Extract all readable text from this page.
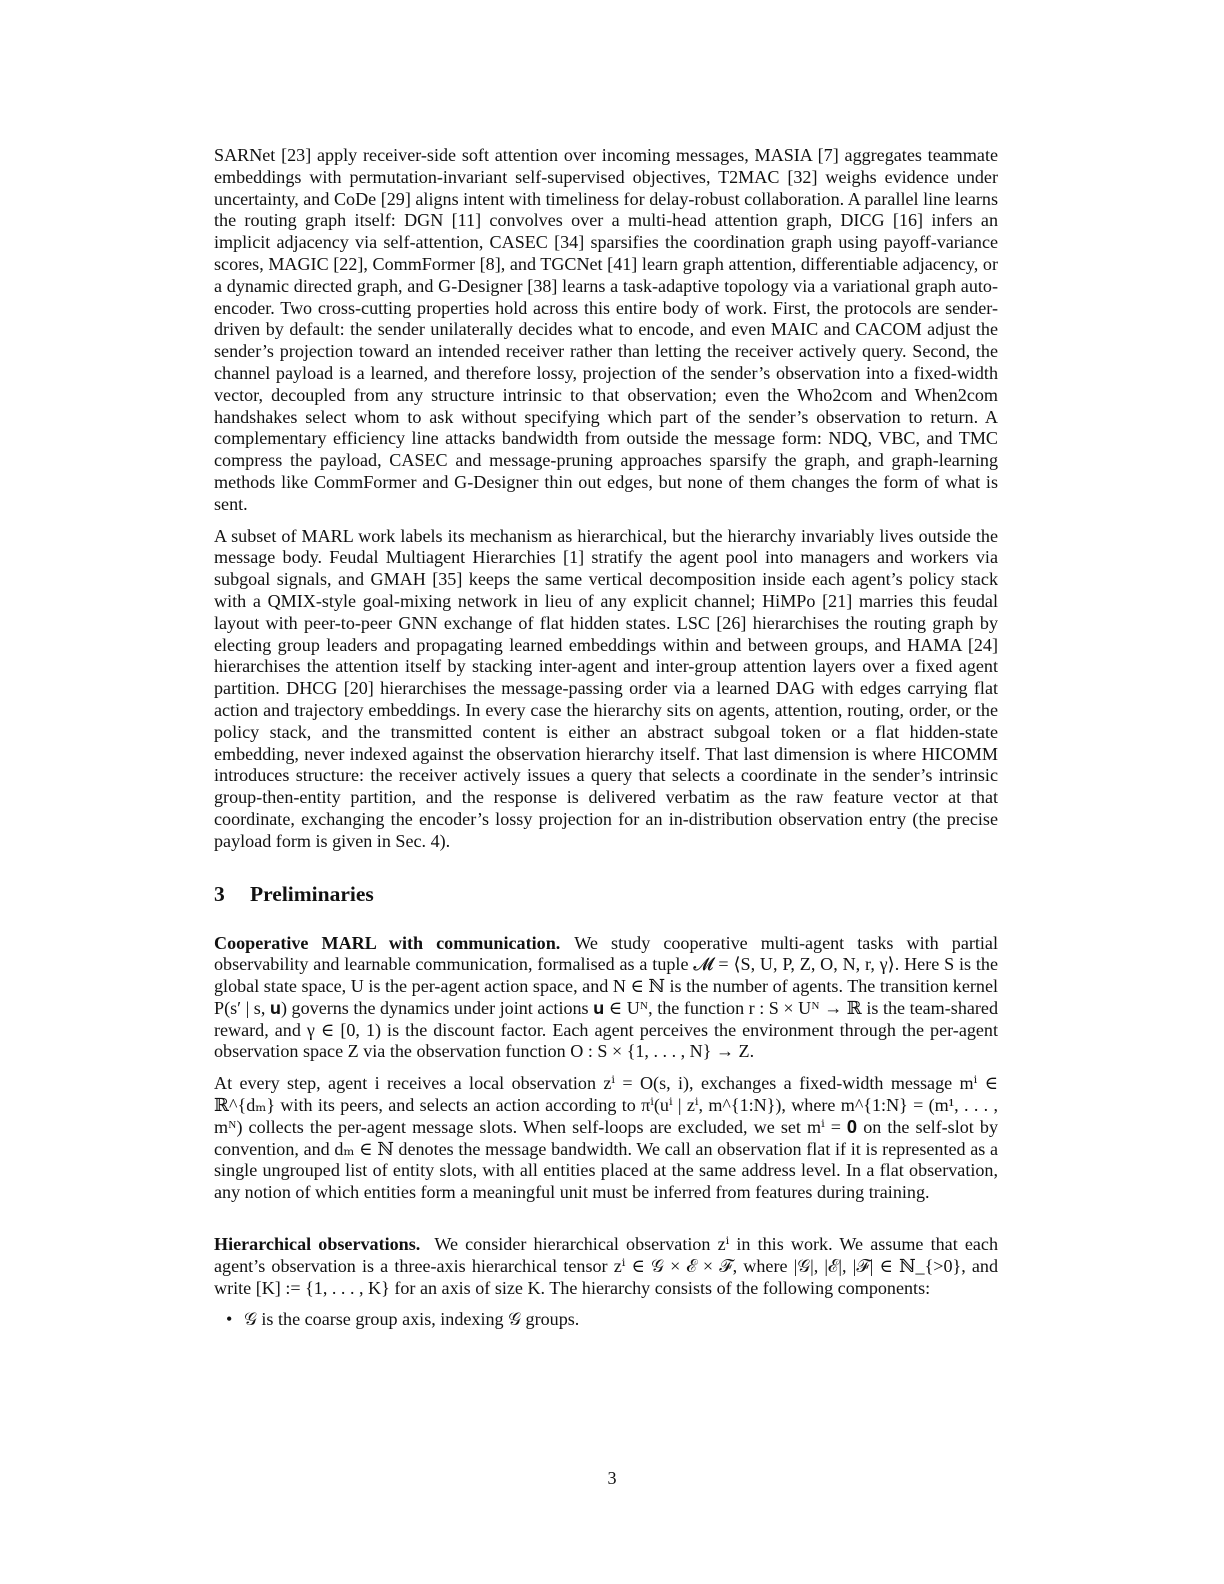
SARNet [23] apply receiver-side soft attention over incoming messages, MASIA [7] aggregates teammate embeddings with permutation-invariant self-supervised objectives, T2MAC [32] weighs evidence under uncertainty, and CoDe [29] aligns intent with timeliness for delay-robust collaboration. A parallel line learns the routing graph itself: DGN [11] convolves over a multi-head attention graph, DICG [16] infers an implicit adjacency via self-attention, CASEC [34] sparsifies the coordination graph using payoff-variance scores, MAGIC [22], CommFormer [8], and TGCNet [41] learn graph attention, differentiable adjacency, or a dynamic directed graph, and G-Designer [38] learns a task-adaptive topology via a variational graph auto-encoder. Two cross-cutting properties hold across this entire body of work. First, the protocols are sender-driven by default: the sender unilaterally decides what to encode, and even MAIC and CACOM adjust the sender’s projection toward an intended receiver rather than letting the receiver actively query. Second, the channel payload is a learned, and therefore lossy, projection of the sender’s observation into a fixed-width vector, decoupled from any structure intrinsic to that observation; even the Who2com and When2com handshakes select whom to ask without specifying which part of the sender’s observation to return. A complementary efficiency line attacks bandwidth from outside the message form: NDQ, VBC, and TMC compress the payload, CASEC and message-pruning approaches sparsify the graph, and graph-learning methods like CommFormer and G-Designer thin out edges, but none of them changes the form of what is sent.

A subset of MARL work labels its mechanism as hierarchical, but the hierarchy invariably lives outside the message body. Feudal Multiagent Hierarchies [1] stratify the agent pool into managers and workers via subgoal signals, and GMAH [35] keeps the same vertical decomposition inside each agent’s policy stack with a QMIX-style goal-mixing network in lieu of any explicit channel; HiMPo [21] marries this feudal layout with peer-to-peer GNN exchange of flat hidden states. LSC [26] hierarchises the routing graph by electing group leaders and propagating learned embeddings within and between groups, and HAMA [24] hierarchises the attention itself by stacking inter-agent and inter-group attention layers over a fixed agent partition. DHCG [20] hierarchises the message-passing order via a learned DAG with edges carrying flat action and trajectory embeddings. In every case the hierarchy sits on agents, attention, routing, order, or the policy stack, and the transmitted content is either an abstract subgoal token or a flat hidden-state embedding, never indexed against the observation hierarchy itself. That last dimension is where HICOMM introduces structure: the receiver actively issues a query that selects a coordinate in the sender’s intrinsic group-then-entity partition, and the response is delivered verbatim as the raw feature vector at that coordinate, exchanging the encoder’s lossy projection for an in-distribution observation entry (the precise payload form is given in Sec. 4).

3 Preliminaries

Cooperative MARL with communication. We study cooperative multi-agent tasks with partial observability and learnable communication, formalised as a tuple 𝓜 = ⟨S, U, P, Z, O, N, r, γ⟩. Here S is the global state space, U is the per-agent action space, and N ∈ ℕ is the number of agents. The transition kernel P(s′ | s, 𝐮) governs the dynamics under joint actions 𝐮 ∈ Uᴺ, the function r : S × Uᴺ → ℝ is the team-shared reward, and γ ∈ [0, 1) is the discount factor. Each agent perceives the environment through the per-agent observation space Z via the observation function O : S × {1, . . . , N} → Z.

At every step, agent i receives a local observation zⁱ = O(s, i), exchanges a fixed-width message mⁱ ∈ ℝ^{dₘ} with its peers, and selects an action according to πⁱ(uⁱ | zⁱ, m^{1:N}), where m^{1:N} = (m¹, . . . , mᴺ) collects the per-agent message slots. When self-loops are excluded, we set mⁱ = 𝟎 on the self-slot by convention, and dₘ ∈ ℕ denotes the message bandwidth. We call an observation flat if it is represented as a single ungrouped list of entity slots, with all entities placed at the same address level. In a flat observation, any notion of which entities form a meaningful unit must be inferred from features during training.

Hierarchical observations. We consider hierarchical observation zⁱ in this work. We assume that each agent’s observation is a three-axis hierarchical tensor zⁱ ∈ 𝒢 × ℰ × ℱ, where |𝒢|, |ℰ|, |ℱ| ∈ ℕ_{>0}, and write [K] := {1, . . . , K} for an axis of size K. The hierarchy consists of the following components:

• 𝒢 is the coarse group axis, indexing 𝒢 groups.
3
